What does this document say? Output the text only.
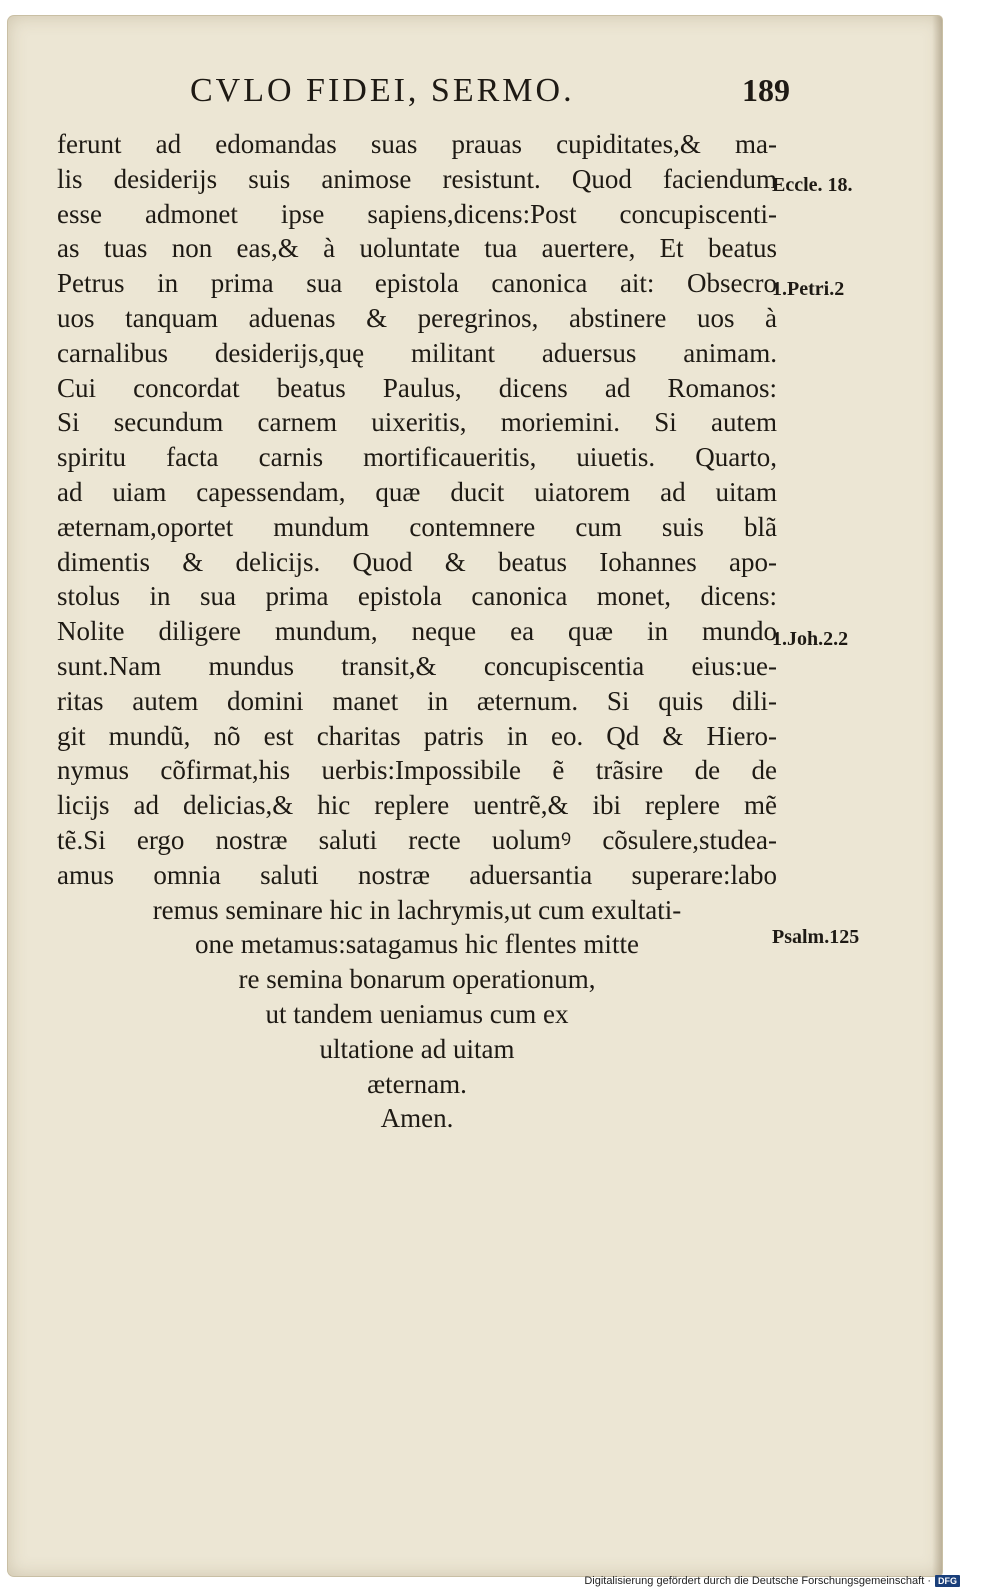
CVLO FIDEI, SERMO.	189
ferunt ad edomandas suas prauas cupiditates,& ma-
lis desiderijs suis animose resistunt. Quod faciendum
esse admonet ipse sapiens,dicens:Post concupiscenti-
as tuas non eas,& à uoluntate tua auertere, Et beatus
Petrus in prima sua epistola canonica ait: Obsecro
uos tanquam aduenas & peregrinos, abstinere uos à
carnalibus desiderijs,quę militant aduersus animam.
Cui concordat beatus Paulus, dicens ad Romanos:
Si secundum carnem uixeritis, moriemini. Si autem
spiritu facta carnis mortificaueritis, uiuetis. Quarto,
ad uiam capessendam, quæ ducit uiatorem ad uitam
æternam,oportet mundum contemnere cum suis blã
dimentis & delicijs. Quod & beatus Iohannes apo-
stolus in sua prima epistola canonica monet, dicens:
Nolite diligere mundum, neque ea quæ in mundo
sunt.Nam mundus transit,& concupiscentia eius:ue-
ritas autem domini manet in æternum. Si quis dili-
git mundũ, nõ est charitas patris in eo. Qd & Hiero-
nymus cõfirmat,his uerbis:Impossibile ẽ trãsire de de
licijs ad delicias,& hic replere uentrẽ,& ibi replere mẽ
tẽ.Si ergo nostræ saluti recte uolumꝰ cõsulere,studea-
amus omnia saluti nostræ aduersantia superare:labo
remus seminare hic in lachrymis,ut cum exultati-
one metamus:satagamus hic flentes mitte
re semina bonarum operationum,
ut tandem ueniamus cum ex
ultatione ad uitam
æternam.
Amen.
Eccle. 18.
1.Petri.2
1.Joh.2.2
Psalm.125
Digitalisierung gefördert durch die Deutsche Forschungsgemeinschaft · DFG
